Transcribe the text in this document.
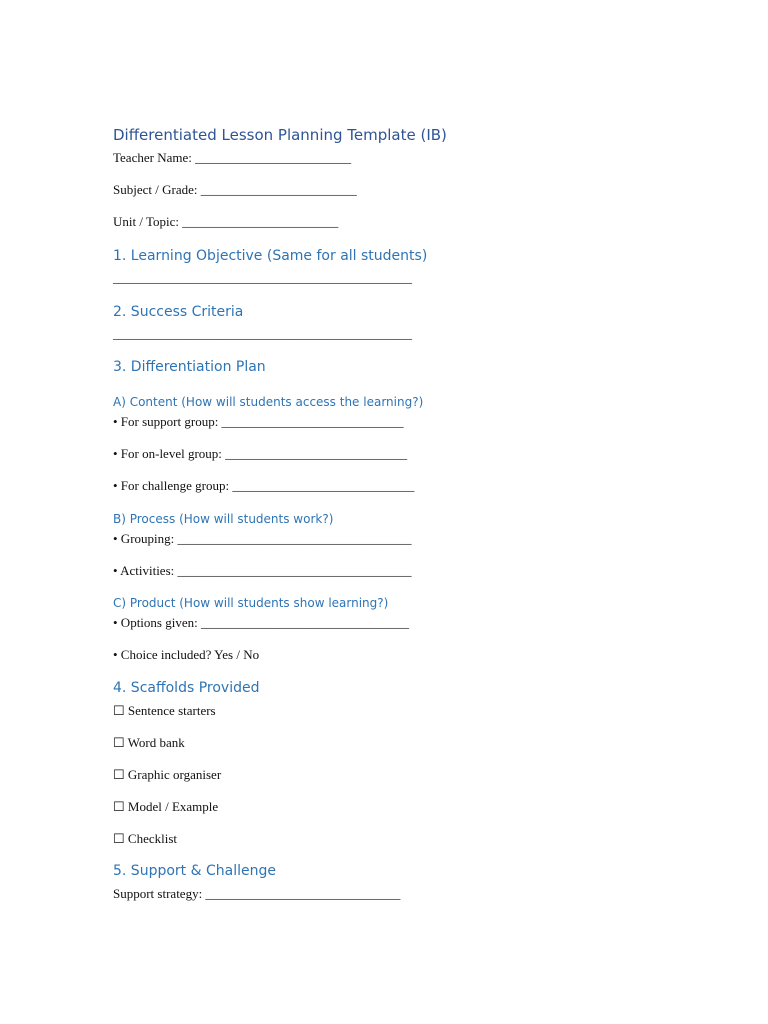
Differentiated Lesson Planning Template (IB)
Teacher Name: ________________________
Subject / Grade: ________________________
Unit / Topic: ________________________
1. Learning Objective (Same for all students)
______________________________________________
2. Success Criteria
______________________________________________
3. Differentiation Plan
A) Content (How will students access the learning?)
• For support group: ____________________________
• For on-level group: ____________________________
• For challenge group: ____________________________
B) Process (How will students work?)
• Grouping: ____________________________________
• Activities: ____________________________________
C) Product (How will students show learning?)
• Options given: ________________________________
• Choice included? Yes / No
4. Scaffolds Provided
☐ Sentence starters
☐ Word bank
☐ Graphic organiser
☐ Model / Example
☐ Checklist
5. Support & Challenge
Support strategy: ______________________________
